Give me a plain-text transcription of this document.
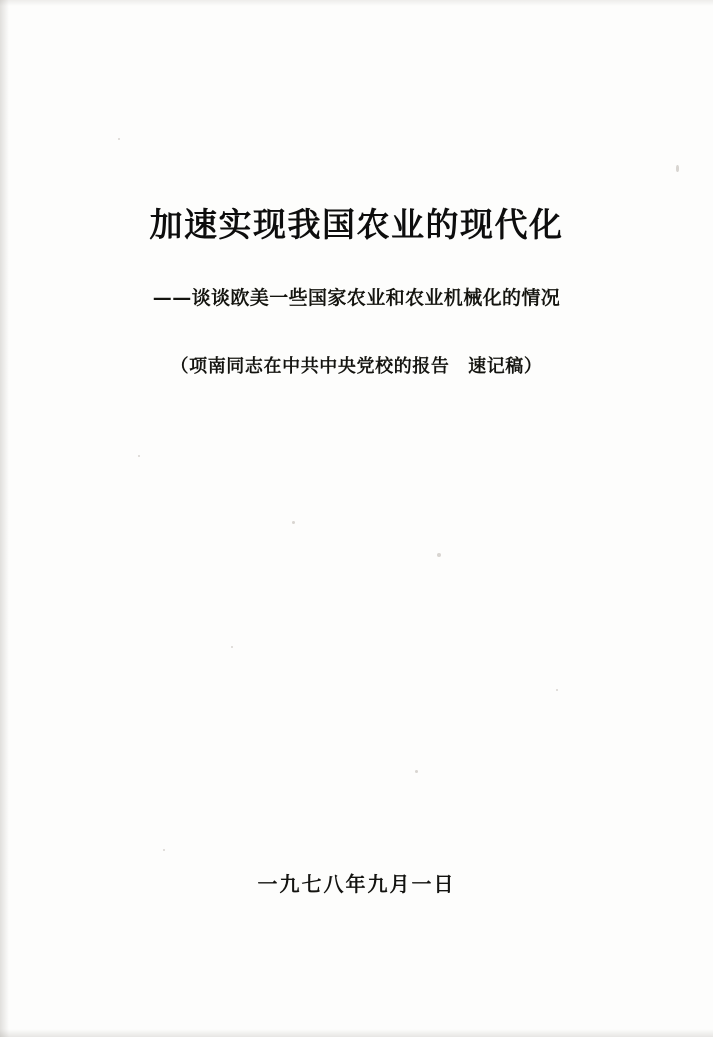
加速实现我国农业的现代化
——谈谈欧美一些国家农业和农业机械化的情况
（项南同志在中共中央党校的报告　速记稿）
一九七八年九月一日
